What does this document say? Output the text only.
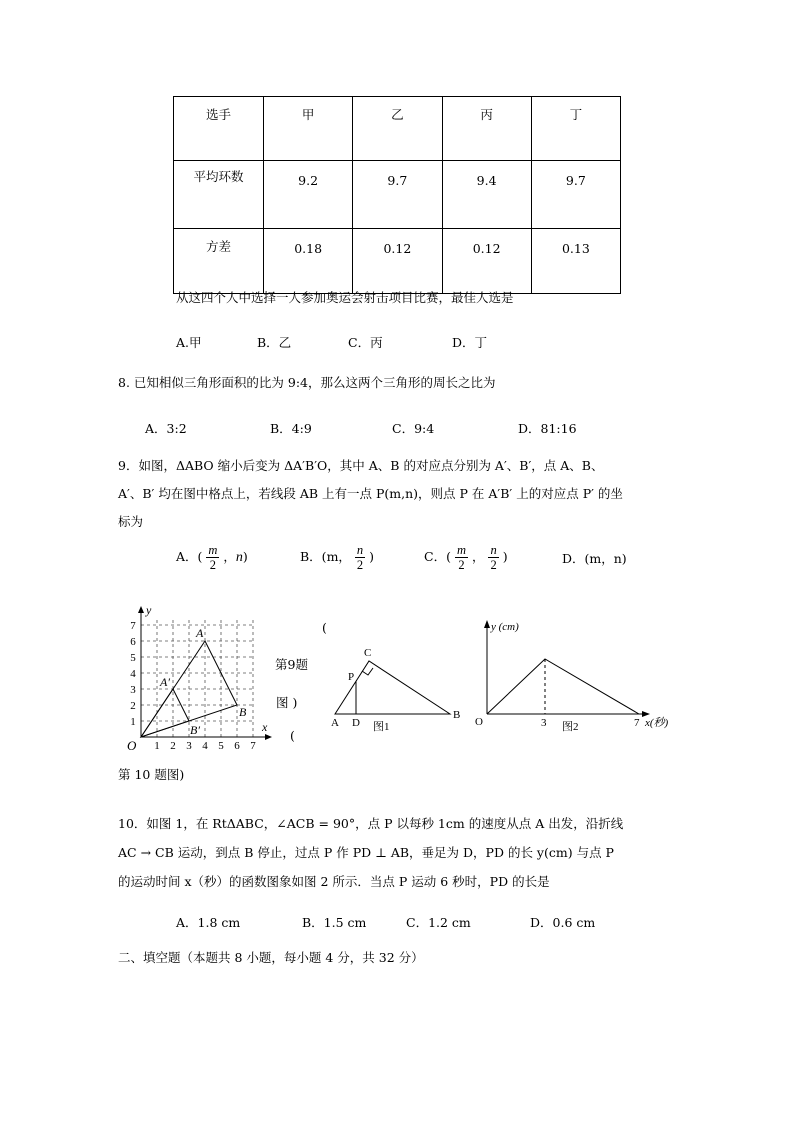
选手	甲	乙	丙	丁
平均环数	9.2	9.7	9.4	9.7
方差	0.18	0.12	0.12	0.13
从这四个人中选择一人参加奥运会射击项目比赛，最佳人选是
A.甲	B．乙	C．丙	D．丁
8. 已知相似三角形面积的比为 9:4，那么这两个三角形的周长之比为
A．3:2	B．4:9	C．9:4	D．81:16
9．如图，ΔABO 缩小后变为 ΔA′B′O，其中 A、B 的对应点分别为 A′、B′，点 A、B、
A′、B′ 均在图中格点上，若线段 AB 上有一点 P(m,n)，则点 P 在 A′B′ 上的对应点 P′ 的坐
标为
A．( $\frac{m}{2}$ ，n)	B．(m， $\frac{n}{2}$ )	C．( $\frac{m}{2}$ ， $\frac{n}{2}$ )	D．(m，n)
1 2 3 4 5 6 7
1
2
3
4
5
6
7
O
x
y
A
A′
B
B′
第9题
图 )
(
(
第 10 题图)
C
P
A D
B
图1
y (cm)
O	3	7 x(秒)
图2
10．如图 1，在 RtΔABC，∠ACB = 90°，点 P 以每秒 1cm 的速度从点 A 出发，沿折线
AC → CB 运动，到点 B 停止，过点 P 作 PD ⊥ AB，垂足为 D，PD 的长 y(cm) 与点 P
的运动时间 x（秒）的函数图象如图 2 所示．当点 P 运动 6 秒时，PD 的长是
A．1.8 cm	B．1.5 cm	C．1.2 cm	D．0.6 cm
二、填空题（本题共 8 小题，每小题 4 分，共 32 分）
